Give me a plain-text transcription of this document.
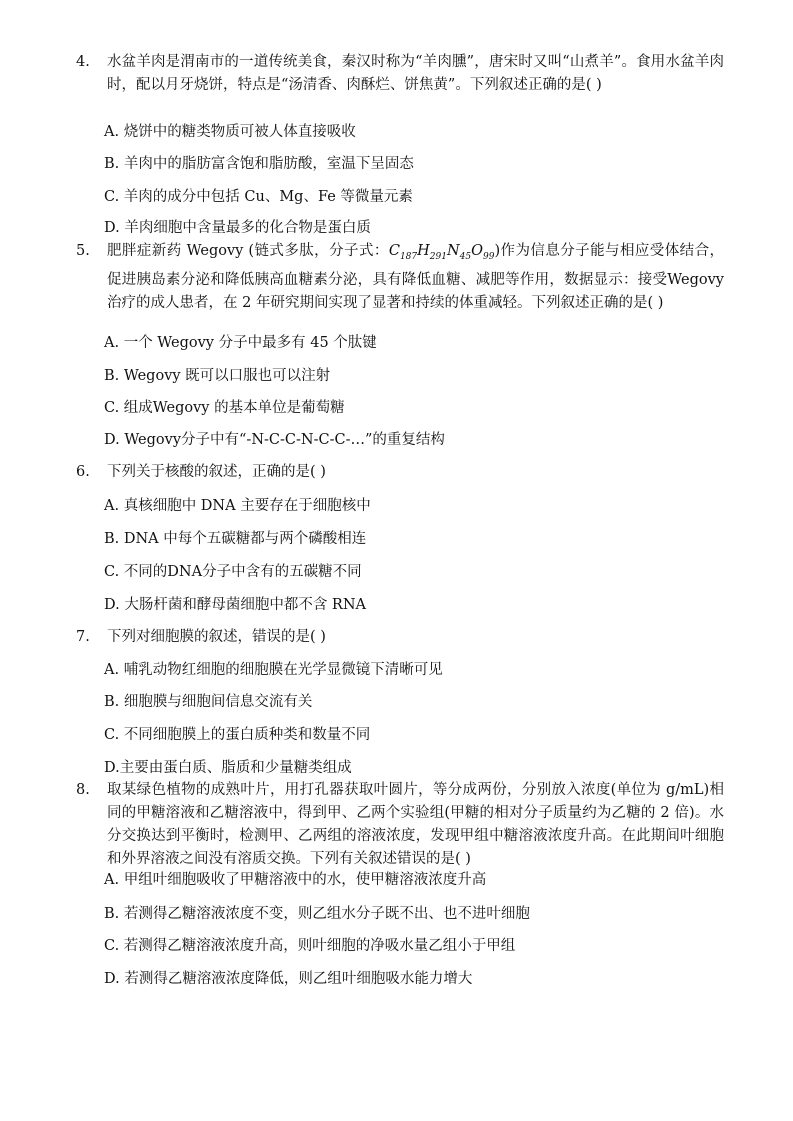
4.	水盆羊肉是渭南市的一道传统美食，秦汉时称为“羊肉臐”，唐宋时又叫“山煮羊”。食用水盆羊肉时，配以月牙烧饼，特点是“汤清香、肉酥烂、饼焦黄”。下列叙述正确的是( )
A. 烧饼中的糖类物质可被人体直接吸收
B. 羊肉中的脂肪富含饱和脂肪酸，室温下呈固态
C. 羊肉的成分中包括 Cu、Mg、Fe 等微量元素
D. 羊肉细胞中含量最多的化合物是蛋白质
5.	肥胖症新药 Wegovy (链式多肽，分子式：$C_{187}H_{291}N_{45}O_{99}$)作为信息分子能与相应受体结合，促进胰岛素分泌和降低胰高血糖素分泌，具有降低血糖、减肥等作用，数据显示：接受Wegovy 治疗的成人患者，在 2 年研究期间实现了显著和持续的体重减轻。下列叙述正确的是( )
A. 一个 Wegovy 分子中最多有 45 个肽键
B. Wegovy 既可以口服也可以注射
C. 组成Wegovy 的基本单位是葡萄糖
D. Wegovy分子中有“-N-C-C-N-C-C-…”的重复结构
6.	下列关于核酸的叙述，正确的是( )
A. 真核细胞中 DNA 主要存在于细胞核中
B. DNA 中每个五碳糖都与两个磷酸相连
C. 不同的DNA分子中含有的五碳糖不同
D. 大肠杆菌和酵母菌细胞中都不含 RNA
7.	下列对细胞膜的叙述，错误的是( )
A. 哺乳动物红细胞的细胞膜在光学显微镜下清晰可见
B. 细胞膜与细胞间信息交流有关
C. 不同细胞膜上的蛋白质种类和数量不同
D.主要由蛋白质、脂质和少量糖类组成
8.	取某绿色植物的成熟叶片，用打孔器获取叶圆片，等分成两份，分别放入浓度(单位为 g/mL)相同的甲糖溶液和乙糖溶液中，得到甲、乙两个实验组(甲糖的相对分子质量约为乙糖的 2 倍)。水分交换达到平衡时，检测甲、乙两组的溶液浓度，发现甲组中糖溶液浓度升高。在此期间叶细胞和外界溶液之间没有溶质交换。下列有关叙述错误的是( )
A. 甲组叶细胞吸收了甲糖溶液中的水，使甲糖溶液浓度升高
B. 若测得乙糖溶液浓度不变，则乙组水分子既不出、也不进叶细胞
C. 若测得乙糖溶液浓度升高，则叶细胞的净吸水量乙组小于甲组
D. 若测得乙糖溶液浓度降低，则乙组叶细胞吸水能力增大
